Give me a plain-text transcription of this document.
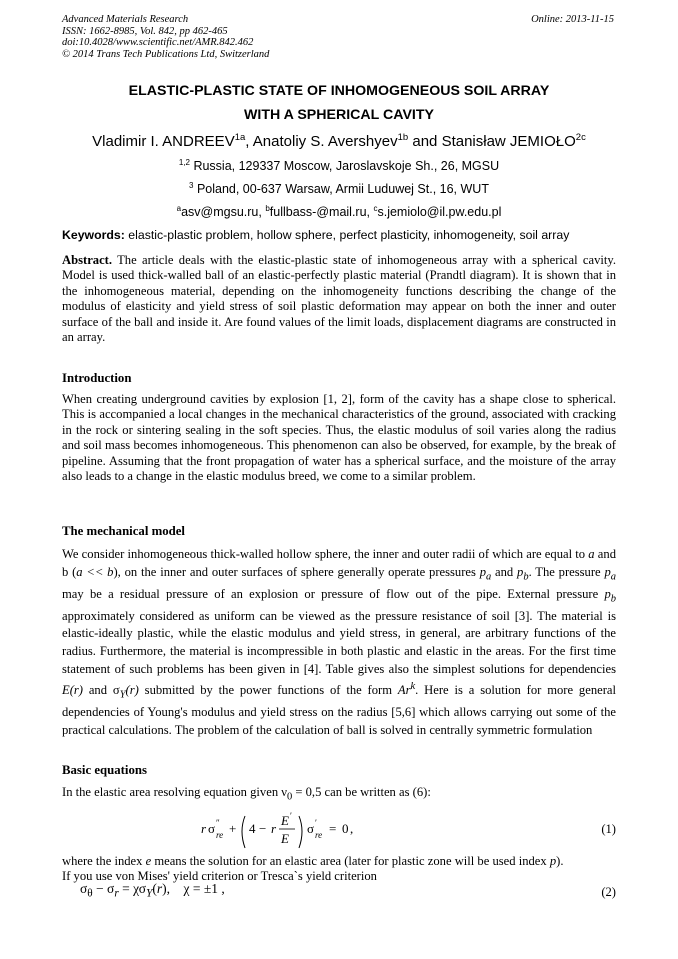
Advanced Materials Research
ISSN: 1662-8985, Vol. 842, pp 462-465
doi:10.4028/www.scientific.net/AMR.842.462
© 2014 Trans Tech Publications Ltd, Switzerland
Online: 2013-11-15
ELASTIC-PLASTIC STATE OF INHOMOGENEOUS SOIL ARRAY
WITH A SPHERICAL CAVITY
Vladimir I. $ANDREEV^{1a}$, Anatoliy S. Avershyev$^{1b}$ and Stanisław $JEMIOŁO^{2c}$
$^{1,2}$ Russia, 129337 Moscow, Jaroslavskoje Sh., 26, MGSU
$^3$ Poland, 00-637 Warsaw, Armii Luduwej St., 16, WUT
$^a$asv@mgsu.ru, $^b$fullbass-@mail.ru, $^c$s.jemiolo@il.pw.edu.pl
Keywords: elastic-plastic problem, hollow sphere, perfect plasticity, inhomogeneity, soil array
Abstract. The article deals with the elastic-plastic state of inhomogeneous array with a spherical cavity. Model is used thick-walled ball of an elastic-perfectly plastic material (Prandtl diagram). It is shown that in the inhomogeneous material, depending on the inhomogeneity functions describing the change of the modulus of elasticity and yield stress of soil plastic deformation may appear on both the inner and outer surface of the ball and inside it. Are found values of the limit loads, displacement diagrams are constructed in an array.
Introduction
When creating underground cavities by explosion [1, 2], form of the cavity has a shape close to spherical. This is accompanied a local changes in the mechanical characteristics of the ground, associated with cracking in the rock or sintering sealing in the soft species. Thus, the elastic modulus of soil varies along the radius and soil mass becomes inhomogeneous. This phenomenon can also be observed, for example, by the break of pipeline. Assuming that the front propagation of water has a spherical surface, and the moisture of the array also leads to a change in the elastic modulus breed, we come to a similar problem.
The mechanical model
We consider inhomogeneous thick-walled hollow sphere, the inner and outer radii of which are equal to a and b (a << b), on the inner and outer surfaces of sphere generally operate pressures $p_a$ and $p_b$. The pressure $p_a$ may be a residual pressure of an explosion or pressure of flow out of the pipe. External pressure $p_b$ approximately considered as uniform can be viewed as the pressure resistance of soil [3]. The material is elastic-ideally plastic, while the elastic modulus and yield stress, in general, are arbitrary functions of the radius. Furthermore, the material is incompressible in both plastic and elastic in the areas. For the first time statement of such problems has been given in [4]. Table gives also the simplest solutions for dependencies E(r) and $\sigma_Y(r)$ submitted by the power functions of the form Ar$^k$. Here is a solution for more general dependencies of Young's modulus and yield stress on the radius [5,6] which allows carrying out some of the practical calculations. The problem of the calculation of ball is solved in centrally symmetric formulation
Basic equations
In the elastic area resolving equation given $\nu_0 = 0,5$ can be written as (6):
r σ ″
re + 4 − r
E ′
E
σ ′
re = 0 ,	(1)
where the index e means the solution for an elastic area (later for plastic zone will be used index p).
If you use von Mises' yield criterion or Tresca`s yield criterion
$\sigma_\theta - \sigma_r = \chi\sigma_Y(r)$,    χ = ±1 ,	(2)
